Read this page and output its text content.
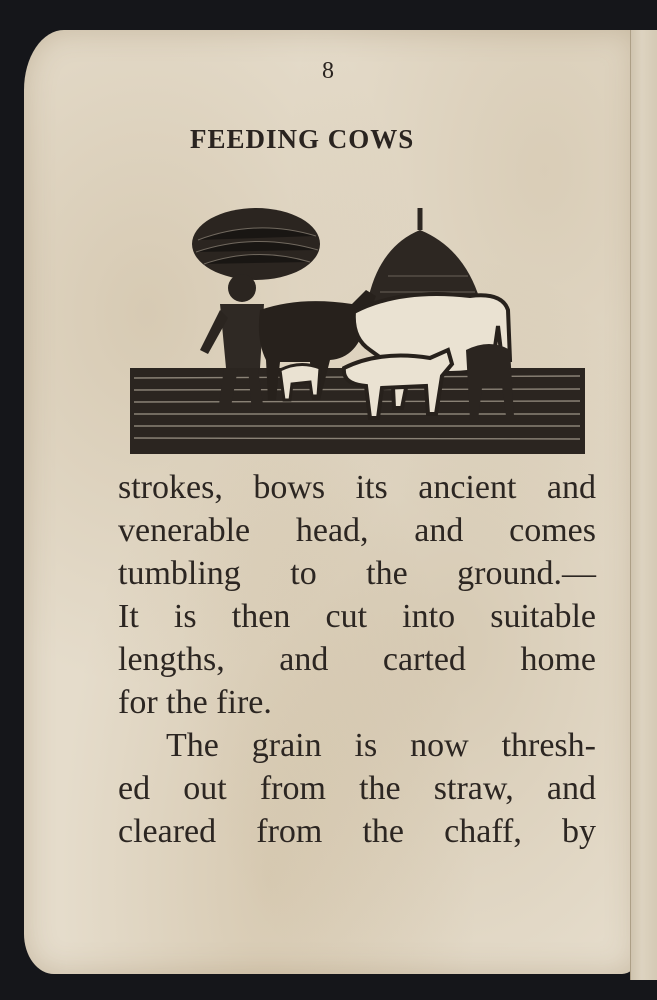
8
FEEDING COWS
strokes, bows its ancient and
venerable head, and comes
tumbling to the ground.—
It is then cut into suitable
lengths, and carted home
for the fire.
The grain is now thresh-
ed out from the straw, and
cleared from the chaff, by
